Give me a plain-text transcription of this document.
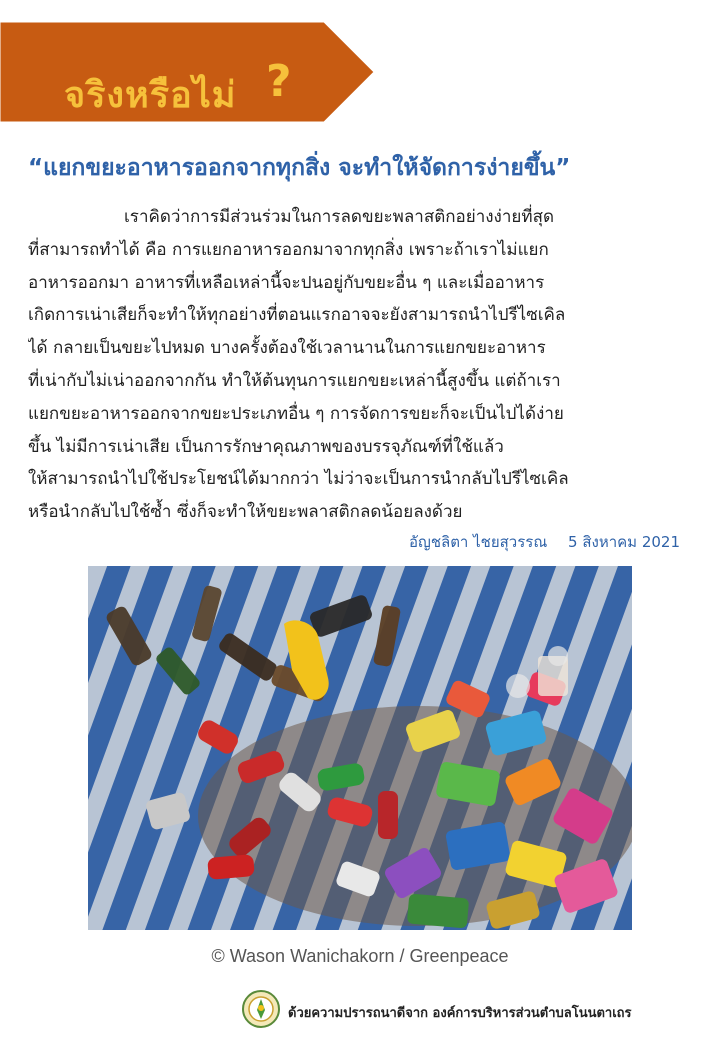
จริงหรือไม่ ?
“แยกขยะอาหารออกจากทุกสิ่ง จะทำให้จัดการง่ายขึ้น”
เราคิดว่าการมีส่วนร่วมในการลดขยะพลาสติกอย่างง่ายที่สุด
ที่สามารถทำได้ คือ การแยกอาหารออกมาจากทุกสิ่ง เพราะถ้าเราไม่แยก
อาหารออกมา อาหารที่เหลือเหล่านี้จะปนอยู่กับขยะอื่น ๆ และเมื่ออาหาร
เกิดการเน่าเสียก็จะทำให้ทุกอย่างที่ตอนแรกอาจจะยังสามารถนำไปรีไซเคิล
ได้ กลายเป็นขยะไปหมด บางครั้งต้องใช้เวลานานในการแยกขยะอาหาร
ที่เน่ากับไม่เน่าออกจากกัน ทำให้ต้นทุนการแยกขยะเหล่านี้สูงขึ้น แต่ถ้าเรา
แยกขยะอาหารออกจากขยะประเภทอื่น ๆ การจัดการขยะก็จะเป็นไปได้ง่าย
ขึ้น ไม่มีการเน่าเสีย เป็นการรักษาคุณภาพของบรรจุภัณฑ์ที่ใช้แล้ว
ให้สามารถนำไปใช้ประโยชน์ได้มากกว่า ไม่ว่าจะเป็นการนำกลับไปรีไซเคิล
หรือนำกลับไปใช้ซ้ำ ซึ่งก็จะทำให้ขยะพลาสติกลดน้อยลงด้วย
อัญชลิตา ไชยสุวรรณ 5 สิงหาคม 2021
© Wason Wanichakorn / Greenpeace
ด้วยความปรารถนาดีจาก องค์การบริหารส่วนตำบลโนนตาเถร
